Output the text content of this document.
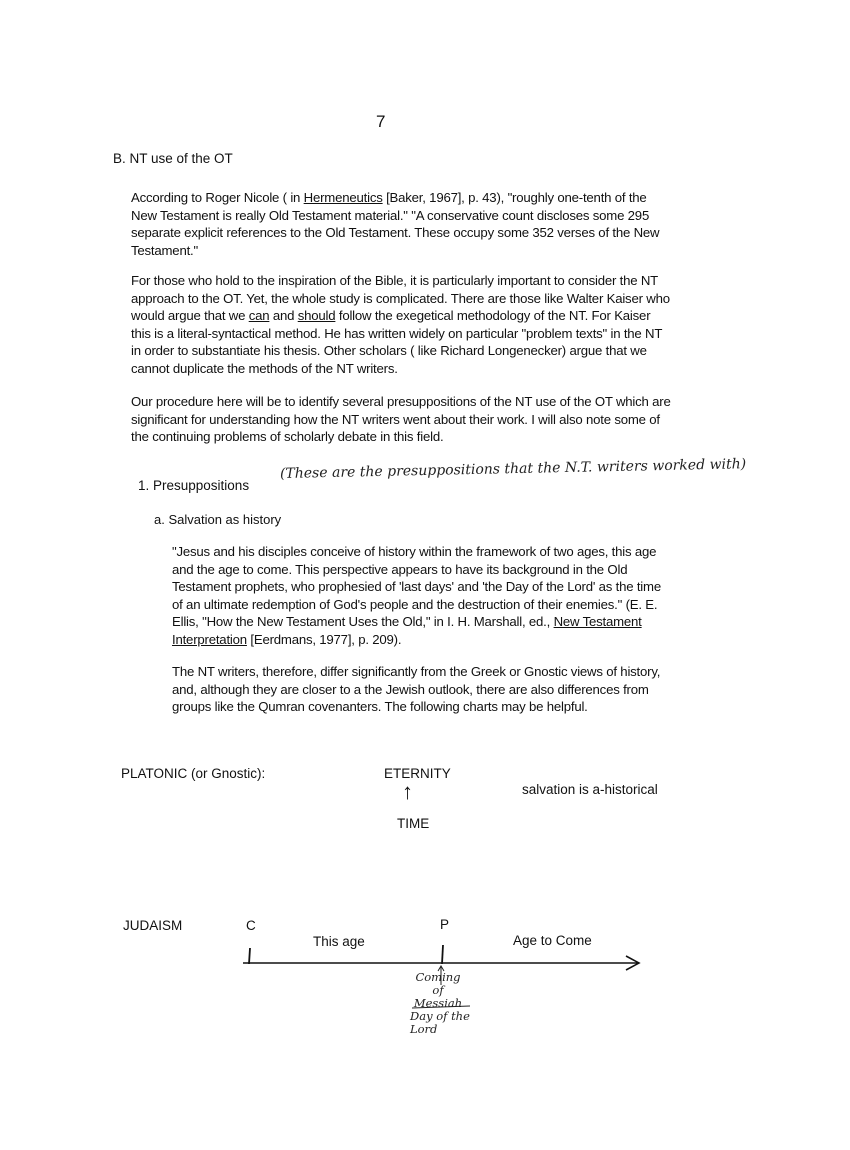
7
B. NT use of the OT
According to Roger Nicole ( in Hermeneutics [Baker, 1967], p. 43), "roughly one-tenth of the New Testament is really Old Testament material." "A conservative count discloses some 295 separate explicit references to the Old Testament. These occupy some 352 verses of the New Testament."
For those who hold to the inspiration of the Bible, it is particularly important to consider the NT approach to the OT. Yet, the whole study is complicated. There are those like Walter Kaiser who would argue that we can and should follow the exegetical methodology of the NT. For Kaiser this is a literal-syntactical method. He has written widely on particular "problem texts" in the NT in order to substantiate his thesis. Other scholars ( like Richard Longenecker) argue that we cannot duplicate the methods of the NT writers.
Our procedure here will be to identify several presuppositions of the NT use of the OT which are significant for understanding how the NT writers went about their work. I will also note some of the continuing problems of scholarly debate in this field.
1. Presuppositions
(These are the presuppositions that the N.T. writers worked with)
a. Salvation as history
"Jesus and his disciples conceive of history within the framework of two ages, this age and the age to come. This perspective appears to have its background in the Old Testament prophets, who prophesied of 'last days' and 'the Day of the Lord' as the time of an ultimate redemption of God's people and the destruction of their enemies." (E. E. Ellis, "How the New Testament Uses the Old," in I. H. Marshall, ed., New Testament Interpretation [Eerdmans, 1977], p. 209).
The NT writers, therefore, differ significantly from the Greek or Gnostic views of history, and, although they are closer to a the Jewish outlook, there are also differences from groups like the Qumran covenanters. The following charts may be helpful.
PLATONIC (or Gnostic):	ETERNITY
↑
TIME
salvation is a-historical
JUDAISM	C	P
This age	Age to Come
Coming of Messiah
Day of the Lord
